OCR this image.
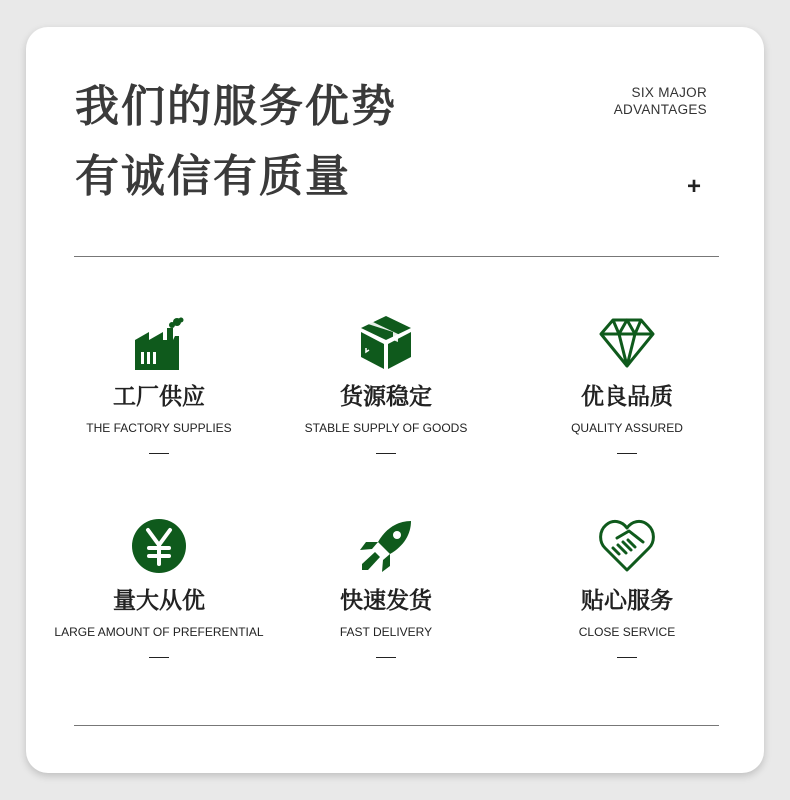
我们的服务优势
有诚信有质量
SIX MAJOR
ADVANTAGES
+
工厂供应
THE FACTORY SUPPLIES
货源稳定
STABLE SUPPLY OF GOODS
优良品质
QUALITY ASSURED
量大从优
LARGE AMOUNT OF PREFERENTIAL
快速发货
FAST DELIVERY
贴心服务
CLOSE SERVICE
